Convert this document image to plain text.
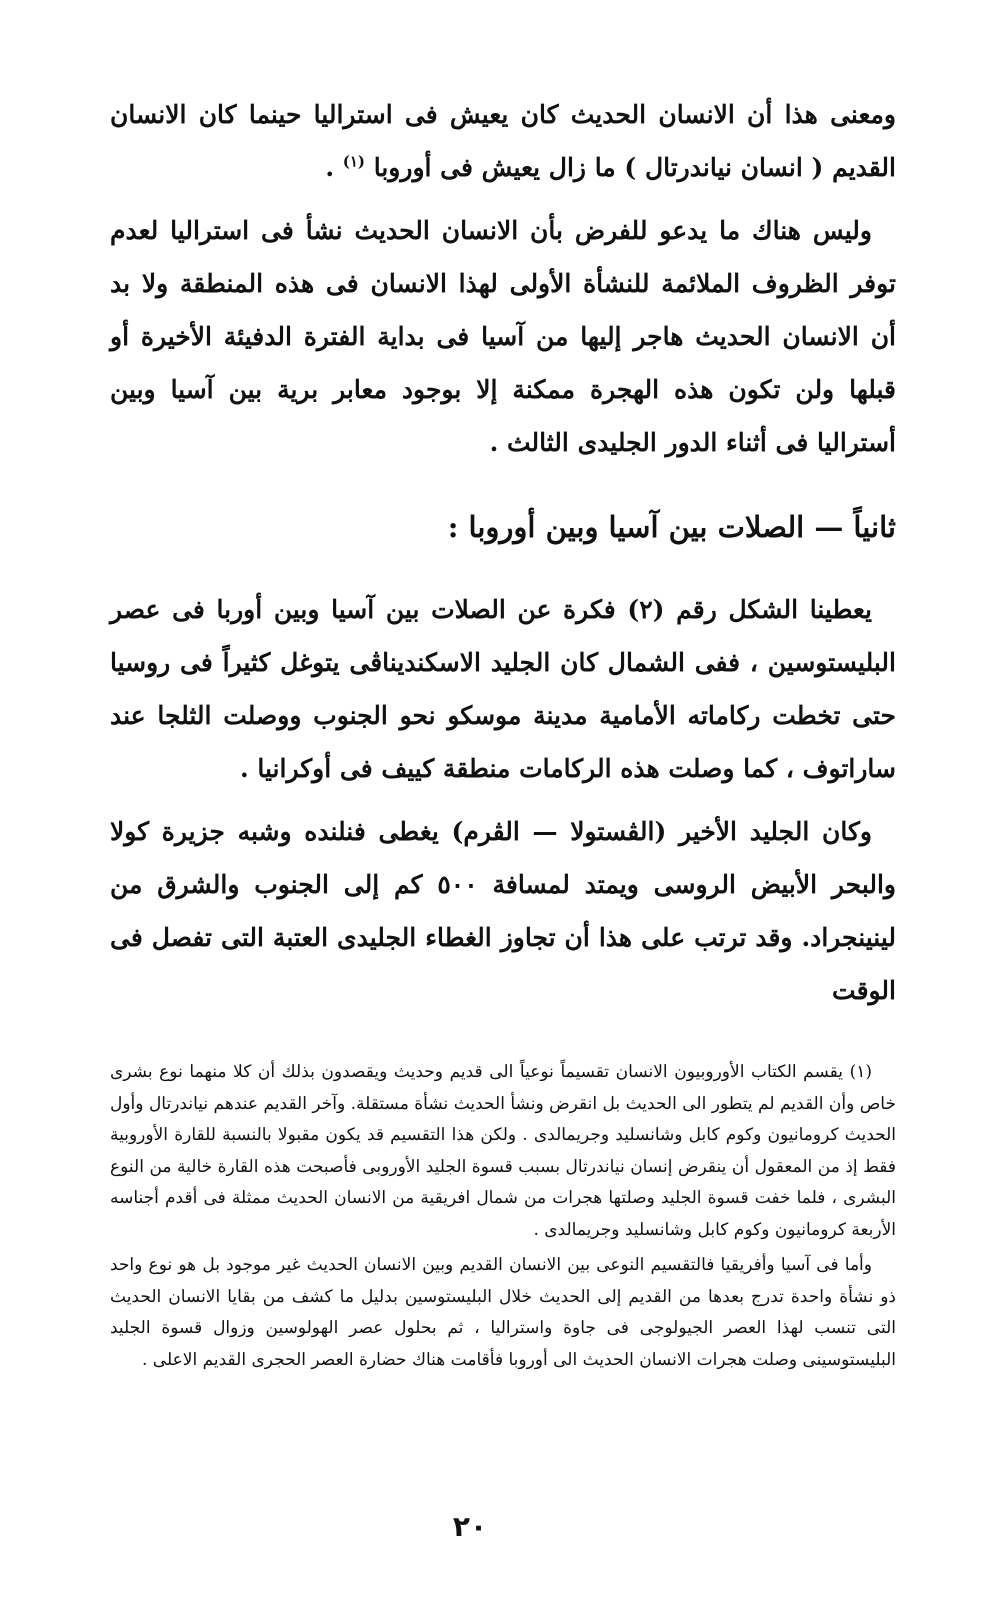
ومعنى هذا أن الانسان الحديث كان يعيش فى استراليا حينما كان الانسان القديم ( انسان نياندرتال ) ما زال يعيش فى أوروبا $^{(١)}$ .

وليس هناك ما يدعو للفرض بأن الانسان الحديث نشأ فى استراليا لعدم توفر الظروف الملائمة للنشأة الأولى لهذا الانسان فى هذه المنطقة ولا بد أن الانسان الحديث هاجر إليها من آسيا فى بداية الفترة الدفيئة الأخيرة أو قبلها ولن تكون هذه الهجرة ممكنة إلا بوجود معابر برية بين آسيا وبين أستراليا فى أثناء الدور الجليدى الثالث .

ثانياً — الصلات بين آسيا وبين أوروبا :

يعطينا الشكل رقم (٢) فكرة عن الصلات بين آسيا وبين أوربا فى عصر البليستوسين ، ففى الشمال كان الجليد الاسكنديناڤى يتوغل كثيراً فى روسيا حتى تخطت ركاماته الأمامية مدينة موسكو نحو الجنوب ووصلت الثلجا عند ساراتوف ، كما وصلت هذه الركامات منطقة كييف فى أوكرانيا .

وكان الجليد الأخير (الڤستولا — الڤرم) يغطى فنلنده وشبه جزيرة كولا والبحر الأبيض الروسى ويمتد لمسافة ٥٠٠ كم إلى الجنوب والشرق من لينينجراد. وقد ترتب على هذا أن تجاوز الغطاء الجليدى العتبة التى تفصل فى الوقت

(١) يقسم الكتاب الأوروبيون الانسان تقسيماً نوعياً الى قديم وحديث ويقصدون بذلك أن كلا منهما نوع بشرى خاص وأن القديم لم يتطور الى الحديث بل انقرض ونشأ الحديث نشأة مستقلة. وآخر القديم عندهم نياندرتال وأول الحديث كرومانيون وكوم كابل وشانسليد وجريمالدى . ولكن هذا التقسيم قد يكون مقبولا بالنسبة للقارة الأوروبية فقط إذ من المعقول أن ينقرض إنسان نياندرتال بسبب قسوة الجليد الأوروبى فأصبحت هذه القارة خالية من النوع البشرى ، فلما خفت قسوة الجليد وصلتها هجرات من شمال افريقية من الانسان الحديث ممثلة فى أقدم أجناسه الأربعة كرومانيون وكوم كابل وشانسليد وجريمالدى .

وأما فى آسيا وأفريقيا فالتقسيم النوعى بين الانسان القديم وبين الانسان الحديث غير موجود بل هو نوع واحد ذو نشأة واحدة تدرج بعدها من القديم إلى الحديث خلال البليستوسين بدليل ما كشف من بقايا الانسان الحديث التى تنسب لهذا العصر الجيولوجى فى جاوة واستراليا ، ثم بحلول عصر الهولوسين وزوال قسوة الجليد البليستوسينى وصلت هجرات الانسان الحديث الى أوروبا فأقامت هناك حضارة العصر الحجرى القديم الاعلى .

٢٠
